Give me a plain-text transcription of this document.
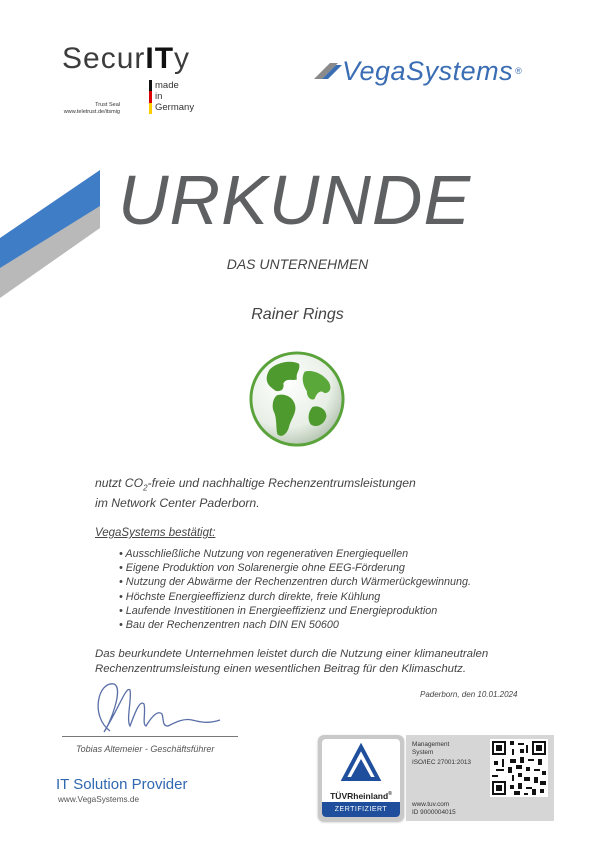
SecurITy
made
in
Germany
Trust Seal
www.teletrust.de/itsmig
VegaSystems ®
URKUNDE
DAS UNTERNEHMEN
Rainer Rings
nutzt $CO_2$-freie und nachhaltige Rechenzentrumsleistungen
im Network Center Paderborn.
VegaSystems bestätigt:
• Ausschließliche Nutzung von regenerativen Energiequellen
• Eigene Produktion von Solarenergie ohne EEG-Förderung
• Nutzung der Abwärme der Rechenzentren durch Wärmerückgewinnung.
• Höchste Energieeffizienz durch direkte, freie Kühlung
• Laufende Investitionen in Energieeffizienz und Energieproduktion
• Bau der Rechenzentren nach DIN EN 50600
Das beurkundete Unternehmen leistet durch die Nutzung einer klimaneutralen
Rechenzentrumsleistung einen wesentlichen Beitrag für den Klimaschutz.
Paderborn, den 10.01.2024
Tobias Altemeier - Geschäftsführer
IT Solution Provider
www.VegaSystems.de	TÜVRheinland®
ZERTIFIZIERT
Management
System
ISO/IEC 27001:2013
www.tuv.com
ID 9000004015
